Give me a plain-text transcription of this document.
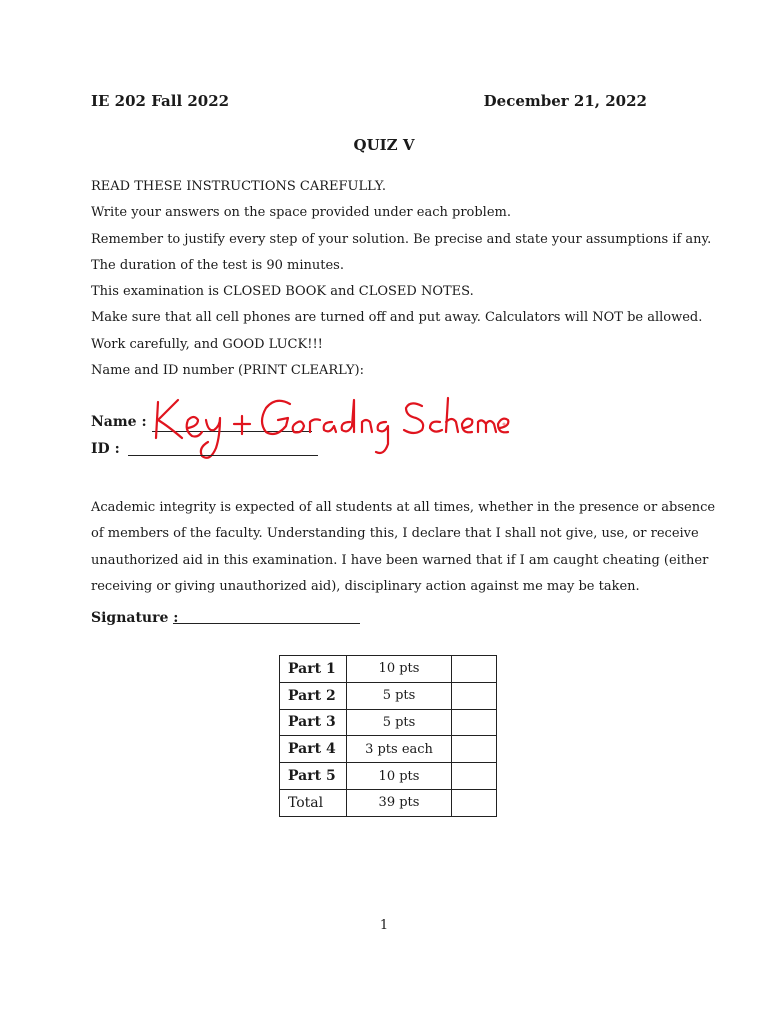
IE 202 Fall 2022	December 21, 2022
QUIZ V
READ THESE INSTRUCTIONS CAREFULLY.
Write your answers on the space provided under each problem.
Remember to justify every step of your solution. Be precise and state your assumptions if any.
The duration of the test is 90 minutes.
This examination is CLOSED BOOK and CLOSED NOTES.
Make sure that all cell phones are turned off and put away. Calculators will NOT be allowed.
Work carefully, and GOOD LUCK!!!
Name and ID number (PRINT CLEARLY):
Name :
ID :
Academic integrity is expected of all students at all times, whether in the presence or absence
of members of the faculty. Understanding this, I declare that I shall not give, use, or receive
unauthorized aid in this examination. I have been warned that if I am caught cheating (either
receiving or giving unauthorized aid), disciplinary action against me may be taken.
Signature :
Part 1	10 pts	
Part 2	5 pts	
Part 3	5 pts	
Part 4	3 pts each	
Part 5	10 pts	
Total	39 pts	
1
